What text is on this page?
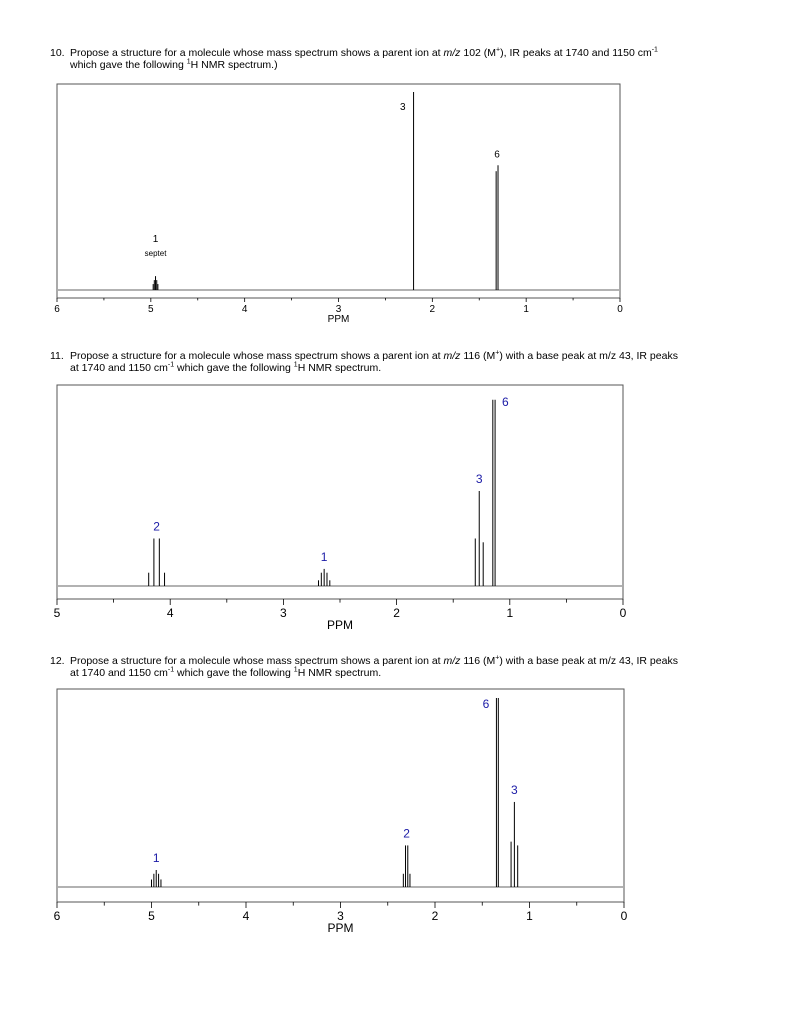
10. Propose a structure for a molecule whose mass spectrum shows a parent ion at m/z 102 (M+), IR peaks at 1740 and 1150 $cm^{-1}$
which gave the following $^1$H NMR spectrum.)
11. Propose a structure for a molecule whose mass spectrum shows a parent ion at m/z 116 (M+) with a base peak at m/z 43, IR peaks
at 1740 and 1150 $cm^{-1}$ which gave the following $^1$H NMR spectrum.
12. Propose a structure for a molecule whose mass spectrum shows a parent ion at m/z 116 (M+) with a base peak at m/z 43, IR peaks
at 1740 and 1150 $cm^{-1}$ which gave the following $^1$H NMR spectrum.
1
septet
3
6
6	5	4	3	2	1	0
PPM
2
1
3
6
5	4	3	2	1	0
PPM
1
2
6
3
6	5	4	3	2	1	0
PPM
